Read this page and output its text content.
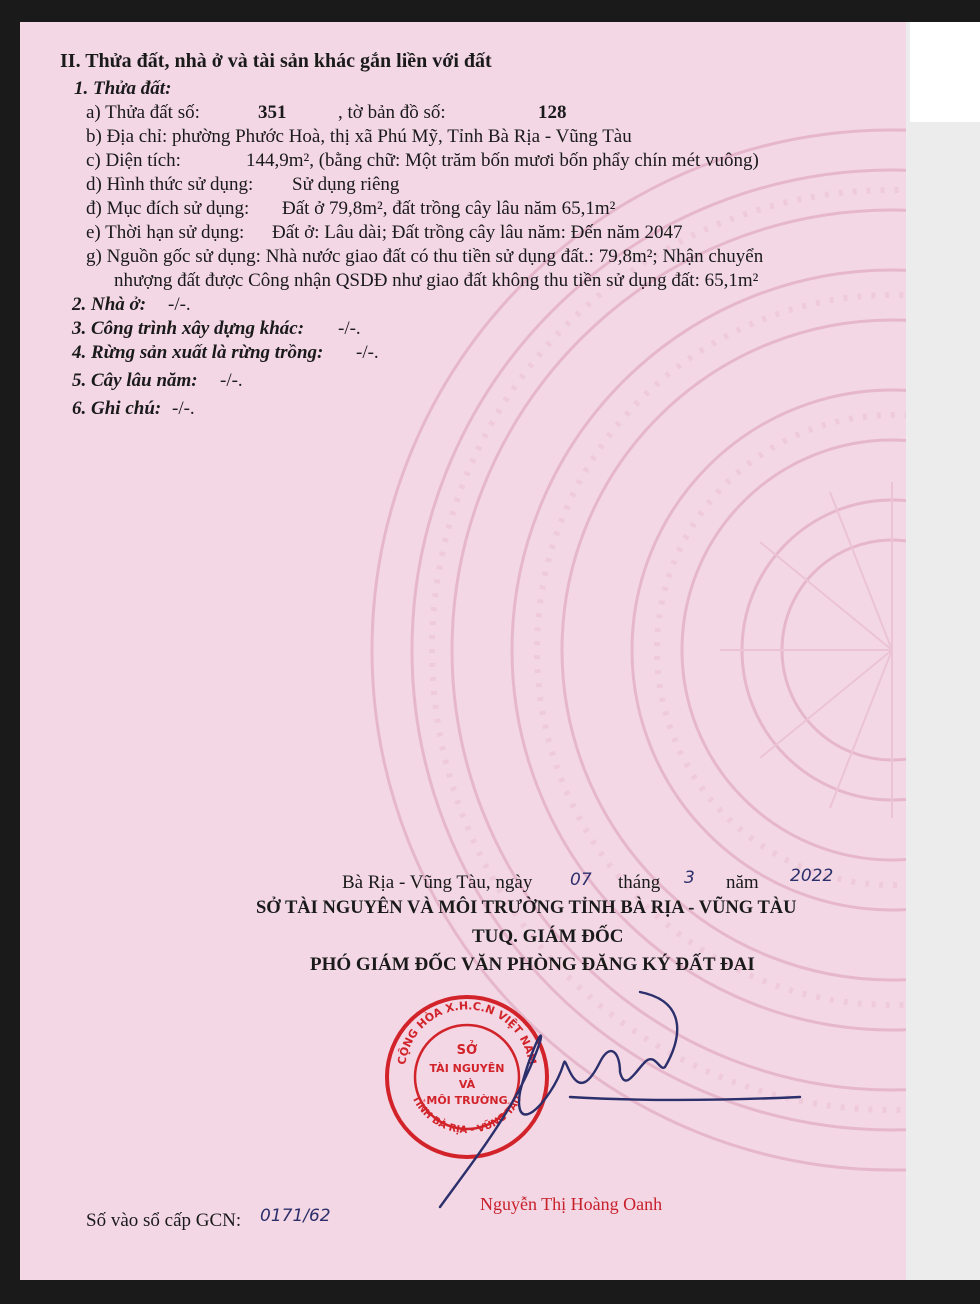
II. Thửa đất, nhà ở và tài sản khác gắn liền với đất
1. Thửa đất:
a) Thửa đất số:	351	, tờ bản đồ số:	128
b) Địa chỉ: phường Phước Hoà, thị xã Phú Mỹ, Tỉnh Bà Rịa - Vũng Tàu
c) Diện tích:	144,9m², (bằng chữ: Một trăm bốn mươi bốn phẩy chín mét vuông)
d) Hình thức sử dụng: Sử dụng riêng
đ) Mục đích sử dụng: Đất ở 79,8m², đất trồng cây lâu năm 65,1m²
e) Thời hạn sử dụng: Đất ở: Lâu dài; Đất trồng cây lâu năm: Đến năm 2047
g) Nguồn gốc sử dụng: Nhà nước giao đất có thu tiền sử dụng đất.: 79,8m²; Nhận chuyển
nhượng đất được Công nhận QSDĐ như giao đất không thu tiền sử dụng đất: 65,1m²
2. Nhà ở: -/-.
3. Công trình xây dựng khác: -/-.
4. Rừng sản xuất là rừng trồng: -/-.
5. Cây lâu năm: -/-.
6. Ghi chú: -/-.
Bà Rịa - Vũng Tàu, ngày 07 tháng 3 năm 2022
SỞ TÀI NGUYÊN VÀ MÔI TRƯỜNG TỈNH BÀ RỊA - VŨNG TÀU
TUQ. GIÁM ĐỐC
PHÓ GIÁM ĐỐC VĂN PHÒNG ĐĂNG KÝ ĐẤT ĐAI
CỘNG HÒA X.H.C.N VIỆT NAM
TỈNH BÀ RỊA - VŨNG TÀU
SỞ
TÀI NGUYÊN
VÀ
MÔI TRƯỜNG
Nguyễn Thị Hoàng Oanh
Số vào sổ cấp GCN: 0171/62
